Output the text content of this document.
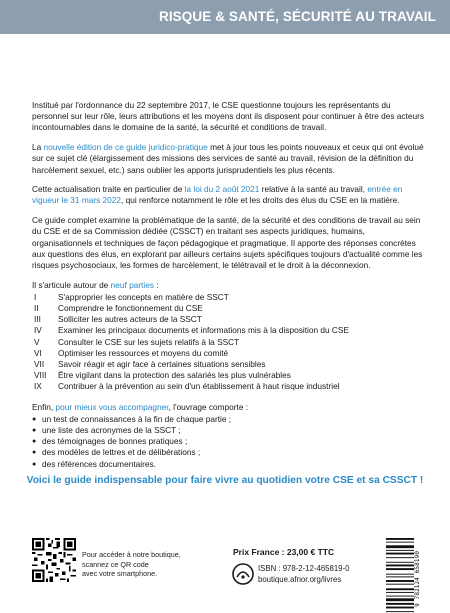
RISQUE & SANTÉ, SÉCURITÉ AU TRAVAIL

Institué par l'ordonnance du 22 septembre 2017, le CSE questionne toujours les représentants du personnel sur leur rôle, leurs attributions et les moyens dont ils disposent pour continuer à être des acteurs incontournables dans le domaine de la santé, la sécurité et conditions de travail.

La nouvelle édition de ce guide juridico-pratique met à jour tous les points nouveaux et ceux qui ont évolué sur ce sujet clé (élargissement des missions des services de santé au travail, révision de la définition du harcèlement sexuel, etc.) sans oublier les apports jurisprudentiels les plus récents.

Cette actualisation traite en particulier de la loi du 2 août 2021 relative à la santé au travail, entrée en vigueur le 31 mars 2022, qui renforce notamment le rôle et les droits des élus du CSE en la matière.

Ce guide complet examine la problématique de la santé, de la sécurité et des conditions de travail au sein du CSE et de sa Commission dédiée (CSSCT) en traitant ses aspects juridiques, humains, organisationnels et techniques de façon pédagogique et pragmatique. Il apporte des réponses concrètes aux questions des élus, en explorant par ailleurs certains sujets spécifiques toujours d'actualité comme les risques psychosociaux, les formes de harcèlement, le télétravail et le droit à la déconnexion.

Il s'articule autour de neuf parties :

I	S'approprier les concepts en matière de SSCT
II	Comprendre le fonctionnement du CSE
III	Solliciter les autres acteurs de la SSCT
IV	Examiner les principaux documents et informations mis à la disposition du CSE
V	Consulter le CSE sur les sujets relatifs à la SSCT
VI	Optimiser les ressources et moyens du comité
VII	Savoir réagir et agir face à certaines situations sensibles
VIII	Être vigilant dans la protection des salariés les plus vulnérables
IX	Contribuer à la prévention au sein d'un établissement à haut risque industriel

Enfin, pour mieux vous accompagner, l'ouvrage comporte :

● un test de connaissances à la fin de chaque partie ;
● une liste des acronymes de la SSCT ;
● des témoignages de bonnes pratiques ;
● des modèles de lettres et de délibérations ;
● des références documentaires.
Voici le guide indispensable pour faire vivre au quotidien votre CSE et sa CSSCT !
Pour accéder à notre boutique,
scannez ce QR code
avec votre smartphone.
Prix France : 23,00 € TTC
ISBN : 978-2-12-465819-0
boutique.afnor.org/livres	9 782124 658190
